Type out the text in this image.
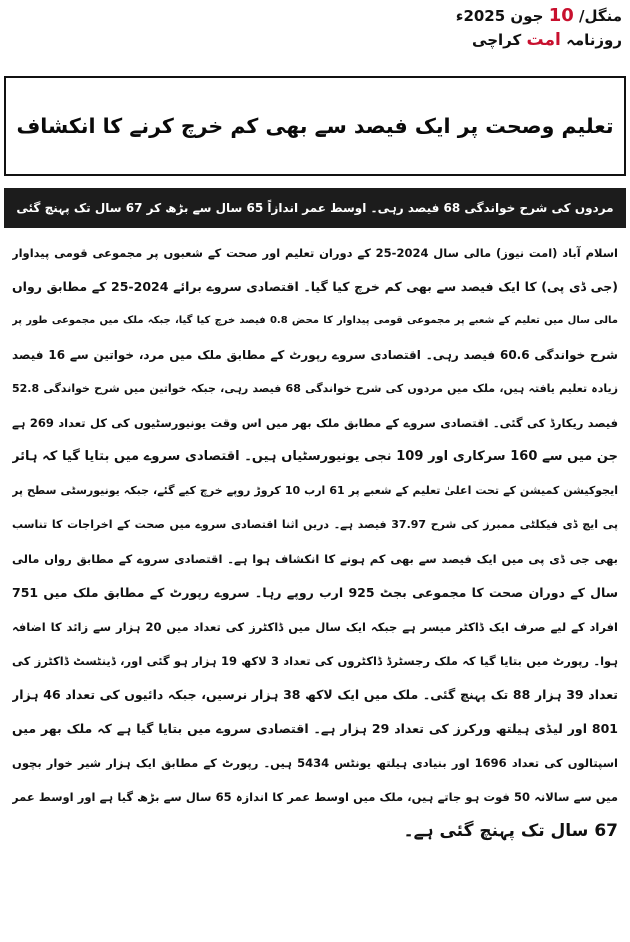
منگل/ 10 جون 2025ء
روزنامہ امت کراچی
تعلیم وصحت پر ایک فیصد سے بھی کم خرچ کرنے کا انکشاف
مردوں کی شرح خواندگی 68 فیصد رہی۔ اوسط عمر اندازاً 65 سال سے بڑھ کر 67 سال تک پہنچ گئی
اسلام آباد (امت نیوز) مالی سال 2024-25 کے دوران تعلیم اور صحت کے شعبوں پر مجموعی قومی پیداوار
(جی ڈی پی) کا ایک فیصد سے بھی کم خرچ کیا گیا۔ اقتصادی سروے برائے 2024-25 کے مطابق رواں
مالی سال میں تعلیم کے شعبے پر مجموعی قومی پیداوار کا محض 0.8 فیصد خرچ کیا گیا، جبکہ ملک میں مجموعی طور پر
شرح خواندگی 60.6 فیصد رہی۔ اقتصادی سروے رپورٹ کے مطابق ملک میں مرد، خواتین سے 16 فیصد
زیادہ تعلیم یافتہ ہیں، ملک میں مردوں کی شرح خواندگی 68 فیصد رہی، جبکہ خواتین میں شرح خواندگی 52.8
فیصد ریکارڈ کی گئی۔ اقتصادی سروے کے مطابق ملک بھر میں اس وقت یونیورسٹیوں کی کل تعداد 269 ہے
جن میں سے 160 سرکاری اور 109 نجی یونیورسٹیاں ہیں۔ اقتصادی سروے میں بتایا گیا کہ ہائر
ایجوکیشن کمیشن کے تحت اعلیٰ تعلیم کے شعبے پر 61 ارب 10 کروڑ روپے خرچ کیے گئے، جبکہ یونیورسٹی سطح پر
پی ایچ ڈی فیکلٹی ممبرز کی شرح 37.97 فیصد ہے۔ دریں اثنا اقتصادی سروے میں صحت کے اخراجات کا تناسب
بھی جی ڈی پی میں ایک فیصد سے بھی کم ہونے کا انکشاف ہوا ہے۔ اقتصادی سروے کے مطابق رواں مالی
سال کے دوران صحت کا مجموعی بجٹ 925 ارب روپے رہا۔ سروے رپورٹ کے مطابق ملک میں 751
افراد کے لیے صرف ایک ڈاکٹر میسر ہے جبکہ ایک سال میں ڈاکٹرز کی تعداد میں 20 ہزار سے زائد کا اضافہ
ہوا۔ رپورٹ میں بتایا گیا کہ ملک رجسٹرڈ ڈاکٹروں کی تعداد 3 لاکھ 19 ہزار ہو گئی اور، ڈینٹسٹ ڈاکٹرز کی
تعداد 39 ہزار 88 تک پہنچ گئی۔ ملک میں ایک لاکھ 38 ہزار نرسیں، جبکہ دائیوں کی تعداد 46 ہزار
801 اور لیڈی ہیلتھ ورکرز کی تعداد 29 ہزار ہے۔ اقتصادی سروے میں بتایا گیا ہے کہ ملک بھر میں
اسپتالوں کی تعداد 1696 اور بنیادی ہیلتھ یونٹس 5434 ہیں۔ رپورٹ کے مطابق ایک ہزار شیر خوار بچوں
میں سے سالانہ 50 فوت ہو جاتے ہیں، ملک میں اوسط عمر کا اندازہ 65 سال سے بڑھ گیا ہے اور اوسط عمر
67 سال تک پہنچ گئی ہے۔
